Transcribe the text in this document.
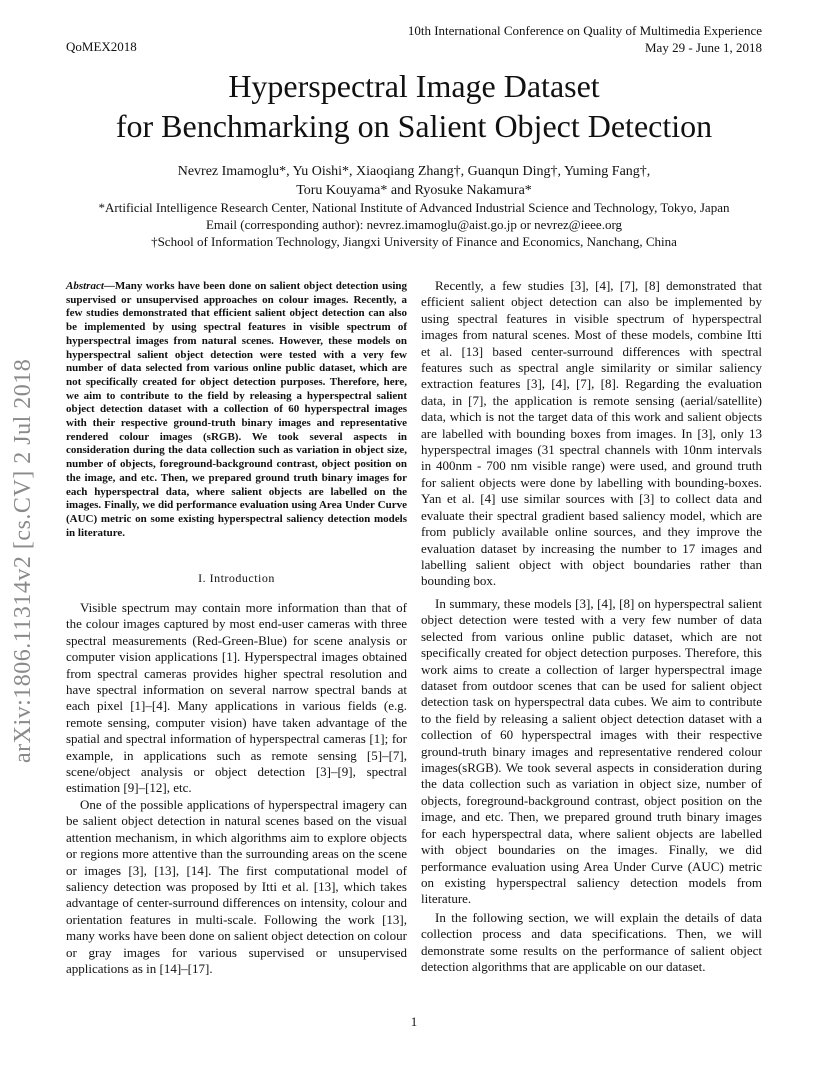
QoMEX2018
10th International Conference on Quality of Multimedia Experience
May 29 - June 1, 2018
Hyperspectral Image Dataset
for Benchmarking on Salient Object Detection
Nevrez Imamoglu*, Yu Oishi*, Xiaoqiang Zhang†, Guanqun Ding†, Yuming Fang†,
Toru Kouyama* and Ryosuke Nakamura*
*Artificial Intelligence Research Center, National Institute of Advanced Industrial Science and Technology, Tokyo, Japan
Email (corresponding author): nevrez.imamoglu@aist.go.jp or nevrez@ieee.org
†School of Information Technology, Jiangxi University of Finance and Economics, Nanchang, China
Abstract—Many works have been done on salient object detection using supervised or unsupervised approaches on colour images. Recently, a few studies demonstrated that efficient salient object detection can also be implemented by using spectral features in visible spectrum of hyperspectral images from natural scenes. However, these models on hyperspectral salient object detection were tested with a very few number of data selected from various online public dataset, which are not specifically created for object detection purposes. Therefore, here, we aim to contribute to the field by releasing a hyperspectral salient object detection dataset with a collection of 60 hyperspectral images with their respective ground-truth binary images and representative rendered colour images (sRGB). We took several aspects in consideration during the data collection such as variation in object size, number of objects, foreground-background contrast, object position on the image, and etc. Then, we prepared ground truth binary images for each hyperspectral data, where salient objects are labelled on the images. Finally, we did performance evaluation using Area Under Curve (AUC) metric on some existing hyperspectral saliency detection models in literature.
I. Introduction

Visible spectrum may contain more information than that of the colour images captured by most end-user cameras with three spectral measurements (Red-Green-Blue) for scene analysis or computer vision applications [1]. Hyperspectral images obtained from spectral cameras provides higher spectral resolution and have spectral information on several narrow spectral bands at each pixel [1]–[4]. Many applications in various fields (e.g. remote sensing, computer vision) have taken advantage of the spatial and spectral information of hyperspectral cameras [1]; for example, in applications such as remote sensing [5]–[7], scene/object analysis or object detection [3]–[9], spectral estimation [9]–[12], etc.

One of the possible applications of hyperspectral imagery can be salient object detection in natural scenes based on the visual attention mechanism, in which algorithms aim to explore objects or regions more attentive than the surrounding areas on the scene or images [3], [13], [14]. The first computational model of saliency detection was proposed by Itti et al. [13], which takes advantage of center-surround differences on intensity, colour and orientation features in multi-scale. Following the work [13], many works have been done on salient object detection on colour or gray images for various supervised or unsupervised applications as in [14]–[17].

Recently, a few studies [3], [4], [7], [8] demonstrated that efficient salient object detection can also be implemented by using spectral features in visible spectrum of hyperspectral images from natural scenes. Most of these models, combine Itti et al. [13] based center-surround differences with spectral features such as spectral angle similarity or similar saliency extraction features [3], [4], [7], [8]. Regarding the evaluation data, in [7], the application is remote sensing (aerial/satellite) data, which is not the target data of this work and salient objects are labelled with bounding boxes from images. In [3], only 13 hyperspectral images (31 spectral channels with 10nm intervals in 400nm - 700 nm visible range) were used, and ground truth for salient objects were done by labelling with bounding-boxes. Yan et al. [4] use similar sources with [3] to collect data and evaluate their spectral gradient based saliency model, which are from publicly available online sources, and they improve the evaluation dataset by increasing the number to 17 images and labelling salient object with object boundaries rather than bounding box.

In summary, these models [3], [4], [8] on hyperspectral salient object detection were tested with a very few number of data selected from various online public dataset, which are not specifically created for object detection purposes. Therefore, this work aims to create a collection of larger hyperspectral image dataset from outdoor scenes that can be used for salient object detection task on hyperspectral data cubes. We aim to contribute to the field by releasing a salient object detection dataset with a collection of 60 hyperspectral images with their respective ground-truth binary images and representative rendered colour images(sRGB). We took several aspects in consideration during the data collection such as variation in object size, number of objects, foreground-background contrast, object position on the image, and etc. Then, we prepared ground truth binary images for each hyperspectral data, where salient objects are labelled with object boundaries on the images. Finally, we did performance evaluation using Area Under Curve (AUC) metric on existing hyperspectral saliency detection models from literature.

In the following section, we will explain the details of data collection process and data specifications. Then, we will demonstrate some results on the performance of salient object detection algorithms that are applicable on our dataset.

arXiv:1806.11314v2 [cs.CV] 2 Jul 2018
1
